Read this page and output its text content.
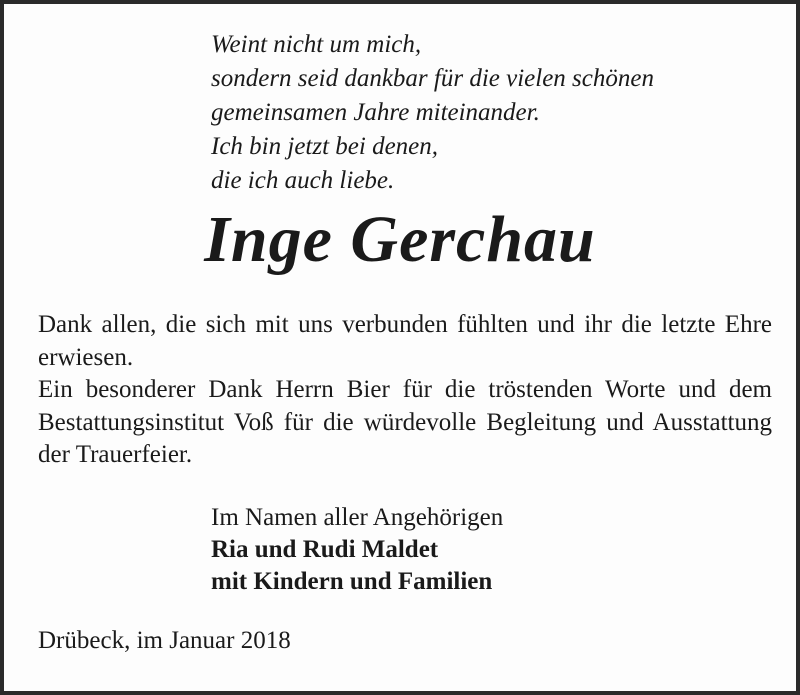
Weint nicht um mich,
sondern seid dankbar für die vielen schönen
gemeinsamen Jahre miteinander.
Ich bin jetzt bei denen,
die ich auch liebe.
Inge Gerchau

Dank allen, die sich mit uns verbunden fühlten und ihr die letzte Ehre erwiesen.

Ein besonderer Dank Herrn Bier für die tröstenden Worte und dem Bestattungsinstitut Voß für die würdevolle Begleitung und Ausstattung der Trauerfeier.

Im Namen aller Angehörigen
Ria und Rudi Maldet
mit Kindern und Familien
Drübeck, im Januar 2018
